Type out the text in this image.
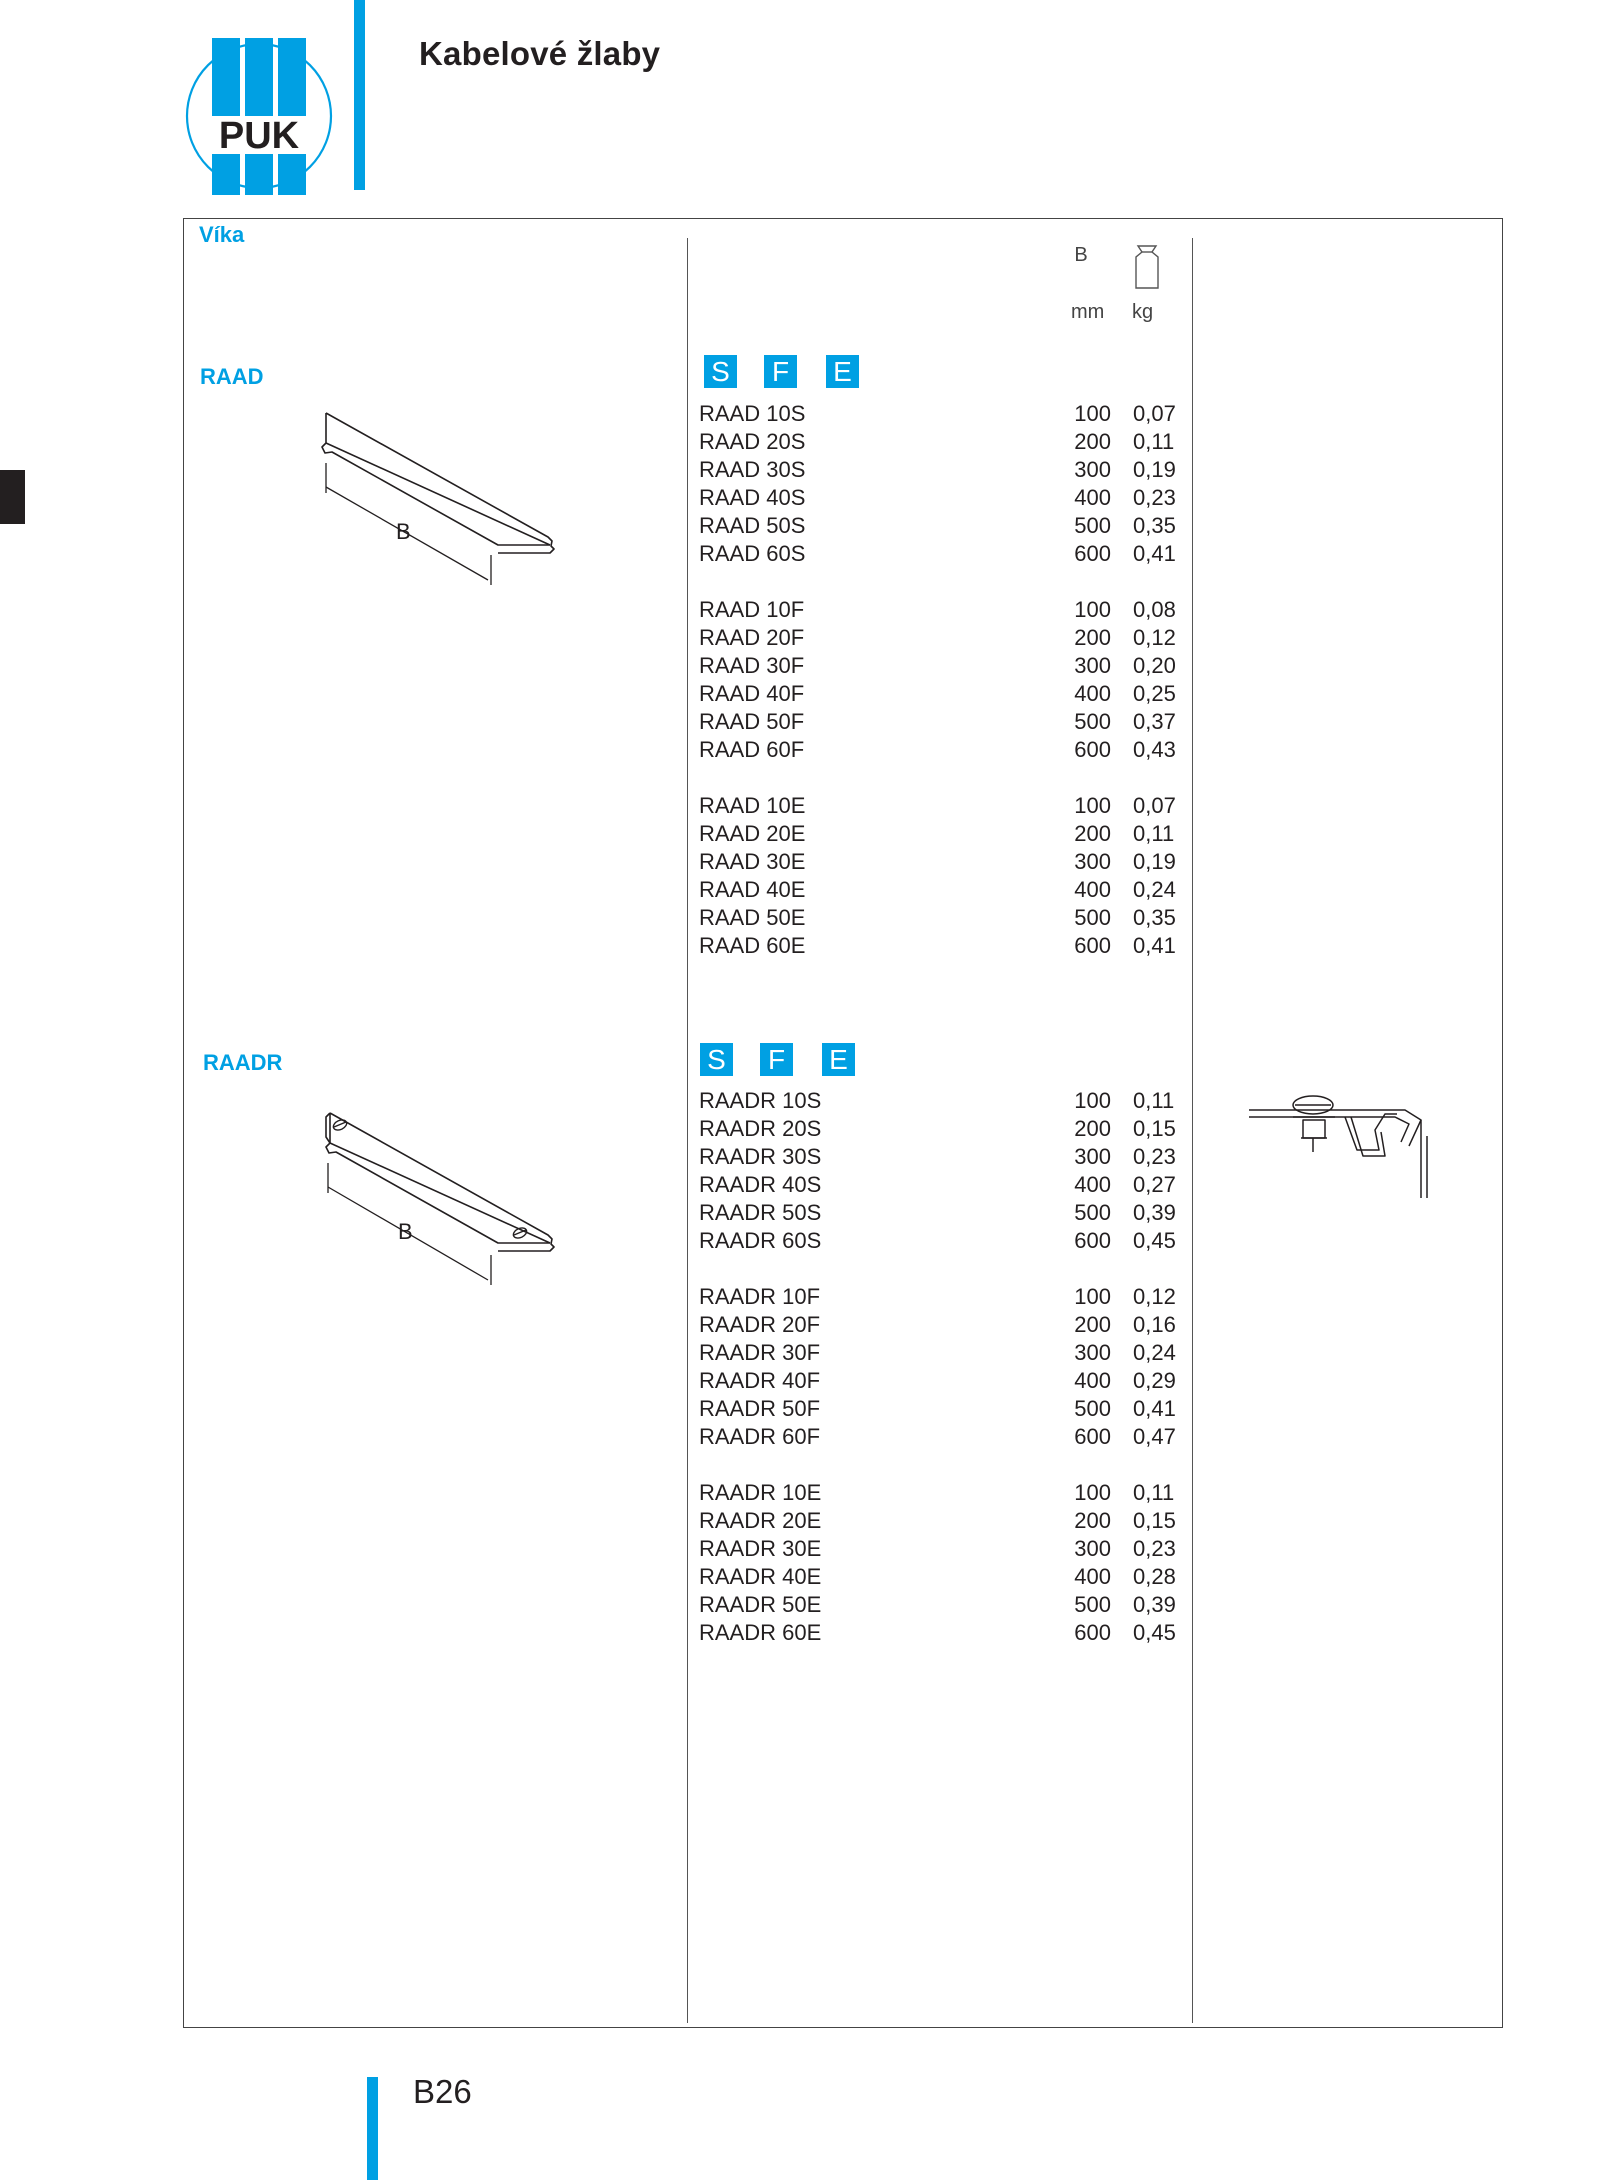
PUK
Kabelové žlaby
Víka
B
mm kg
RAAD
B
S F E
RAAD 10S	100 0,07
RAAD 20S	200 0,11
RAAD 30S	300 0,19
RAAD 40S	400 0,23
RAAD 50S	500 0,35
RAAD 60S	600 0,41
RAAD 10F	100 0,08
RAAD 20F	200 0,12
RAAD 30F	300 0,20
RAAD 40F	400 0,25
RAAD 50F	500 0,37
RAAD 60F	600 0,43
RAAD 10E	100 0,07
RAAD 20E	200 0,11
RAAD 30E	300 0,19
RAAD 40E	400 0,24
RAAD 50E	500 0,35
RAAD 60E	600 0,41
RAADR
B
S F E
RAADR 10S	100 0,11
RAADR 20S	200 0,15
RAADR 30S	300 0,23
RAADR 40S	400 0,27
RAADR 50S	500 0,39
RAADR 60S	600 0,45
RAADR 10F	100 0,12
RAADR 20F	200 0,16
RAADR 30F	300 0,24
RAADR 40F	400 0,29
RAADR 50F	500 0,41
RAADR 60F	600 0,47
RAADR 10E	100 0,11
RAADR 20E	200 0,15
RAADR 30E	300 0,23
RAADR 40E	400 0,28
RAADR 50E	500 0,39
RAADR 60E	600 0,45
B26
